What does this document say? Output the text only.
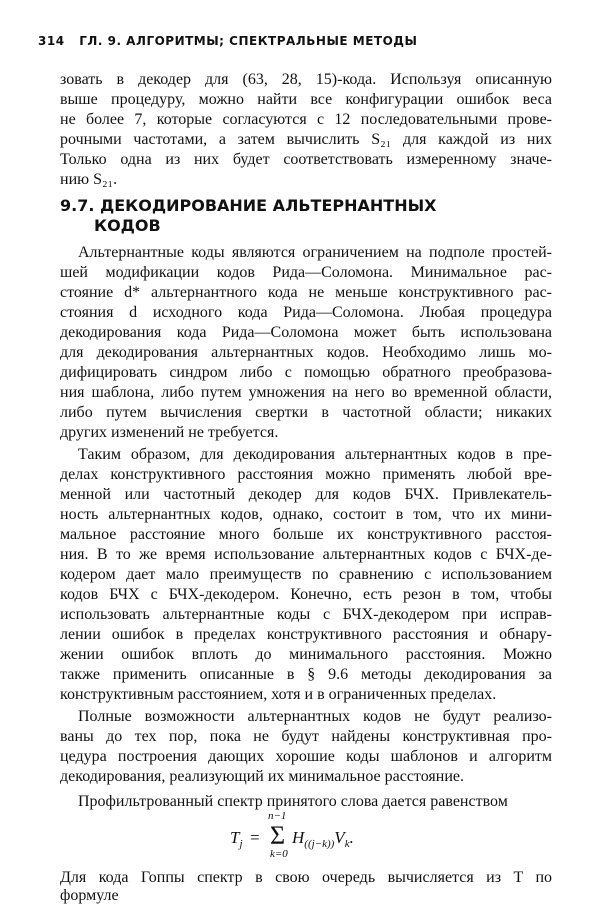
314 ГЛ. 9. АЛГОРИТМЫ; СПЕКТРАЛЬНЫЕ МЕТОДЫ
зовать в декодер для (63, 28, 15)-кода. Используя описанную
выше процедуру, можно найти все конфигурации ошибок веса
не более 7, которые согласуются с 12 последовательными прове-
рочными частотами, а затем вычислить S₂₁ для каждой из них
Только одна из них будет соответствовать измеренному значе-
нию S₂₁.
9.7. ДЕКОДИРОВАНИЕ АЛЬТЕРНАНТНЫХ
КОДОВ
Альтернантные коды являются ограничением на подполе простей-
шей модификации кодов Рида—Соломона. Минимальное рас-
стояние d* альтернантного кода не меньше конструктивного рас-
стояния d исходного кода Рида—Соломона. Любая процедура
декодирования кода Рида—Соломона может быть использована
для декодирования альтернантных кодов. Необходимо лишь мо-
дифицировать синдром либо с помощью обратного преобразова-
ния шаблона, либо путем умножения на него во временной области,
либо путем вычисления свертки в частотной области; никаких
других изменений не требуется.
Таким образом, для декодирования альтернантных кодов в пре-
делах конструктивного расстояния можно применять любой вре-
менной или частотный декодер для кодов БЧХ. Привлекатель-
ность альтернантных кодов, однако, состоит в том, что их мини-
мальное расстояние много больше их конструктивного расстоя-
ния. В то же время использование альтернантных кодов с БЧХ-де-
кодером дает мало преимуществ по сравнению с использованием
кодов БЧХ с БЧХ-декодером. Конечно, есть резон в том, чтобы
использовать альтернантные коды с БЧХ-декодером при исправ-
лении ошибок в пределах конструктивного расстояния и обнару-
жении ошибок вплоть до минимального расстояния. Можно
также применить описанные в § 9.6 методы декодирования за
конструктивным расстоянием, хотя и в ограниченных пределах.
Полные возможности альтернантных кодов не будут реализо-
ваны до тех пор, пока не будут найдены конструктивная про-
цедура построения дающих хорошие коды шаблонов и алгоритм
декодирования, реализующий их минимальное расстояние.
Профильтрованный спектр принятого слова дается равенством
n−1
$T_j = \Sigma$
k=0
$H_{((j-k))}V_k$.
Для кода Гоппы спектр в свою очередь вычисляется из T по
формуле
